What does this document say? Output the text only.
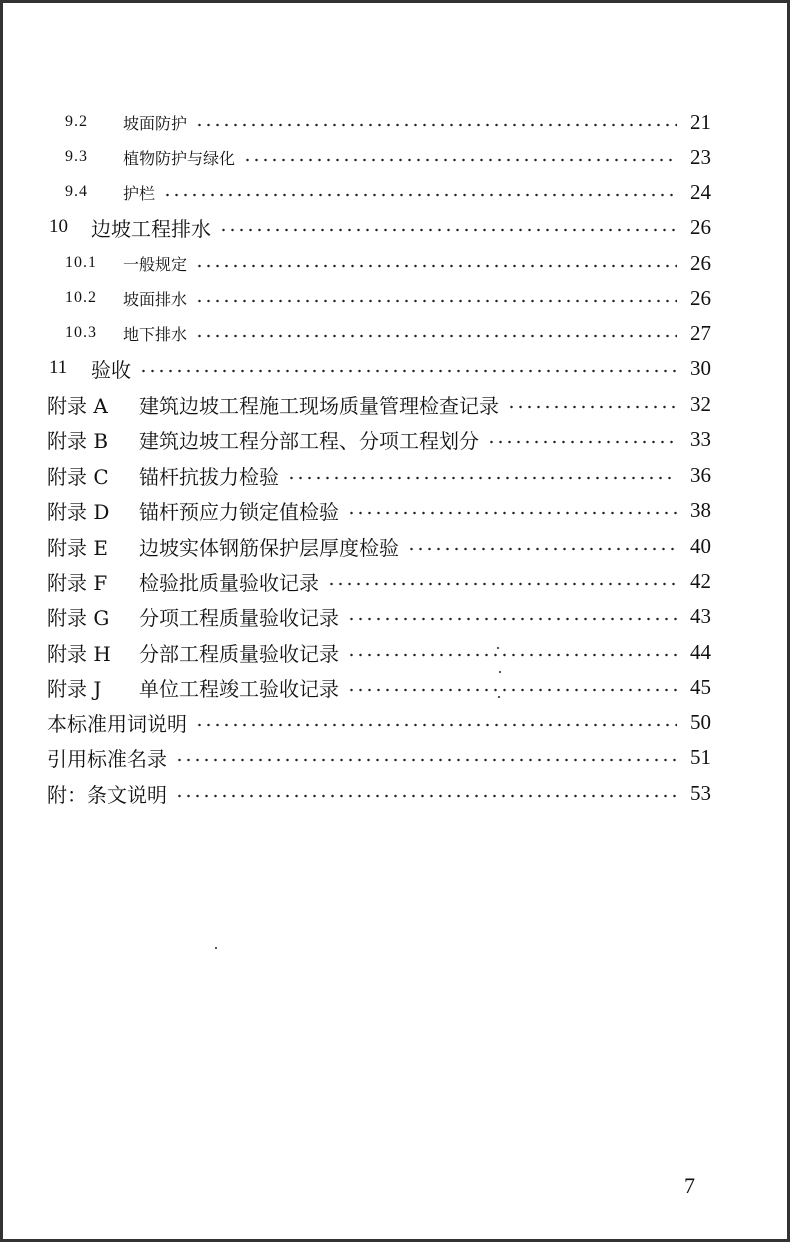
9.2	坡面防护	21
9.3	植物防护与绿化	23
9.4	护栏	24
10	边坡工程排水	26
10.1	一般规定	26
10.2	坡面排水	26
10.3	地下排水	27
11	验收	30
附录 A	建筑边坡工程施工现场质量管理检查记录	32
附录 B	建筑边坡工程分部工程、分项工程划分	33
附录 C	锚杆抗拔力检验	36
附录 D	锚杆预应力锁定值检验	38
附录 E	边坡实体钢筋保护层厚度检验	40
附录 F	检验批质量验收记录	42
附录 G	分项工程质量验收记录	43
附录 H	分部工程质量验收记录	44
附录 J	单位工程竣工验收记录	45
本标准用词说明	50
引用标准名录	51
附：条文说明	53
7
